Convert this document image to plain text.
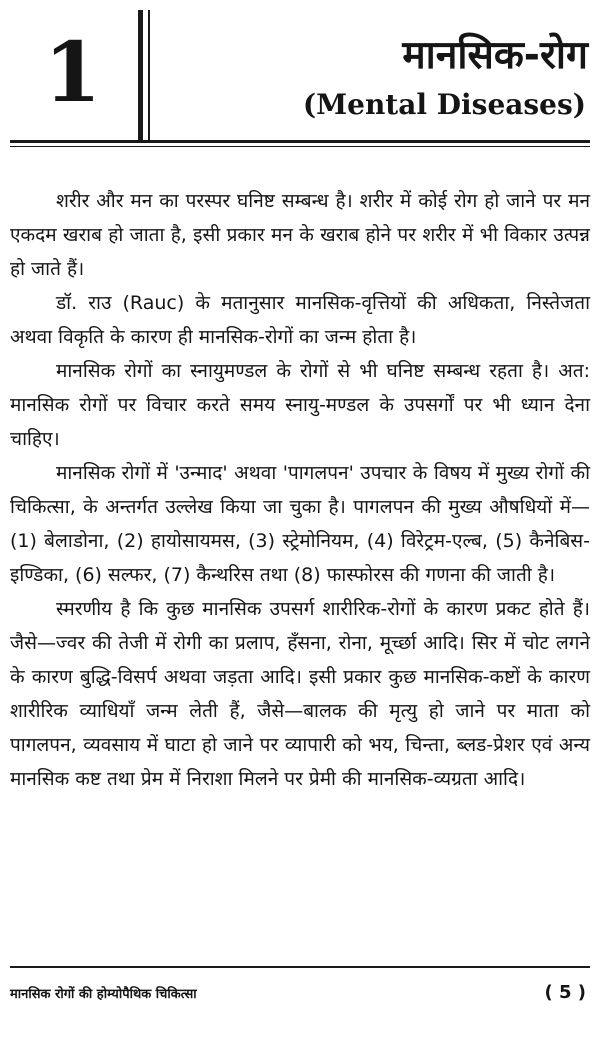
1	मानसिक-रोग
(Mental Diseases)

शरीर और मन का परस्पर घनिष्ट सम्बन्ध है। शरीर में कोई रोग हो जाने पर मन एकदम खराब हो जाता है, इसी प्रकार मन के खराब होने पर शरीर में भी विकार उत्पन्न हो जाते हैं।

डॉ. राउ (Rauc) के मतानुसार मानसिक-वृत्तियों की अधिकता, निस्तेजता अथवा विकृति के कारण ही मानसिक-रोगों का जन्म होता है।

मानसिक रोगों का स्नायुमण्डल के रोगों से भी घनिष्ट सम्बन्ध रहता है। अत: मानसिक रोगों पर विचार करते समय स्नायु-मण्डल के उपसर्गों पर भी ध्यान देना चाहिए।

मानसिक रोगों में 'उन्माद' अथवा 'पागलपन' उपचार के विषय में मुख्य रोगों की चिकित्सा, के अन्तर्गत उल्लेख किया जा चुका है। पागलपन की मुख्य औषधियों में—(1) बेलाडोना, (2) हायोसायमस, (3) स्ट्रेमोनियम, (4) विरेट्रम-एल्ब, (5) कैनेबिस-इण्डिका, (6) सल्फर, (7) कैन्थरिस तथा (8) फास्फोरस की गणना की जाती है।

स्मरणीय है कि कुछ मानसिक उपसर्ग शारीरिक-रोगों के कारण प्रकट होते हैं। जैसे—ज्वर की तेजी में रोगी का प्रलाप, हँसना, रोना, मूर्च्छा आदि। सिर में चोट लगने के कारण बुद्धि-विसर्प अथवा जड़ता आदि। इसी प्रकार कुछ मानसिक-कष्टों के कारण शारीरिक व्याधियाँ जन्म लेती हैं, जैसे—बालक की मृत्यु हो जाने पर माता को पागलपन, व्यवसाय में घाटा हो जाने पर व्यापारी को भय, चिन्ता, ब्लड-प्रेशर एवं अन्य मानसिक कष्ट तथा प्रेम में निराशा मिलने पर प्रेमी की मानसिक-व्यग्रता आदि।

मानसिक रोगों की होम्योपैथिक चिकित्सा	( 5 )
